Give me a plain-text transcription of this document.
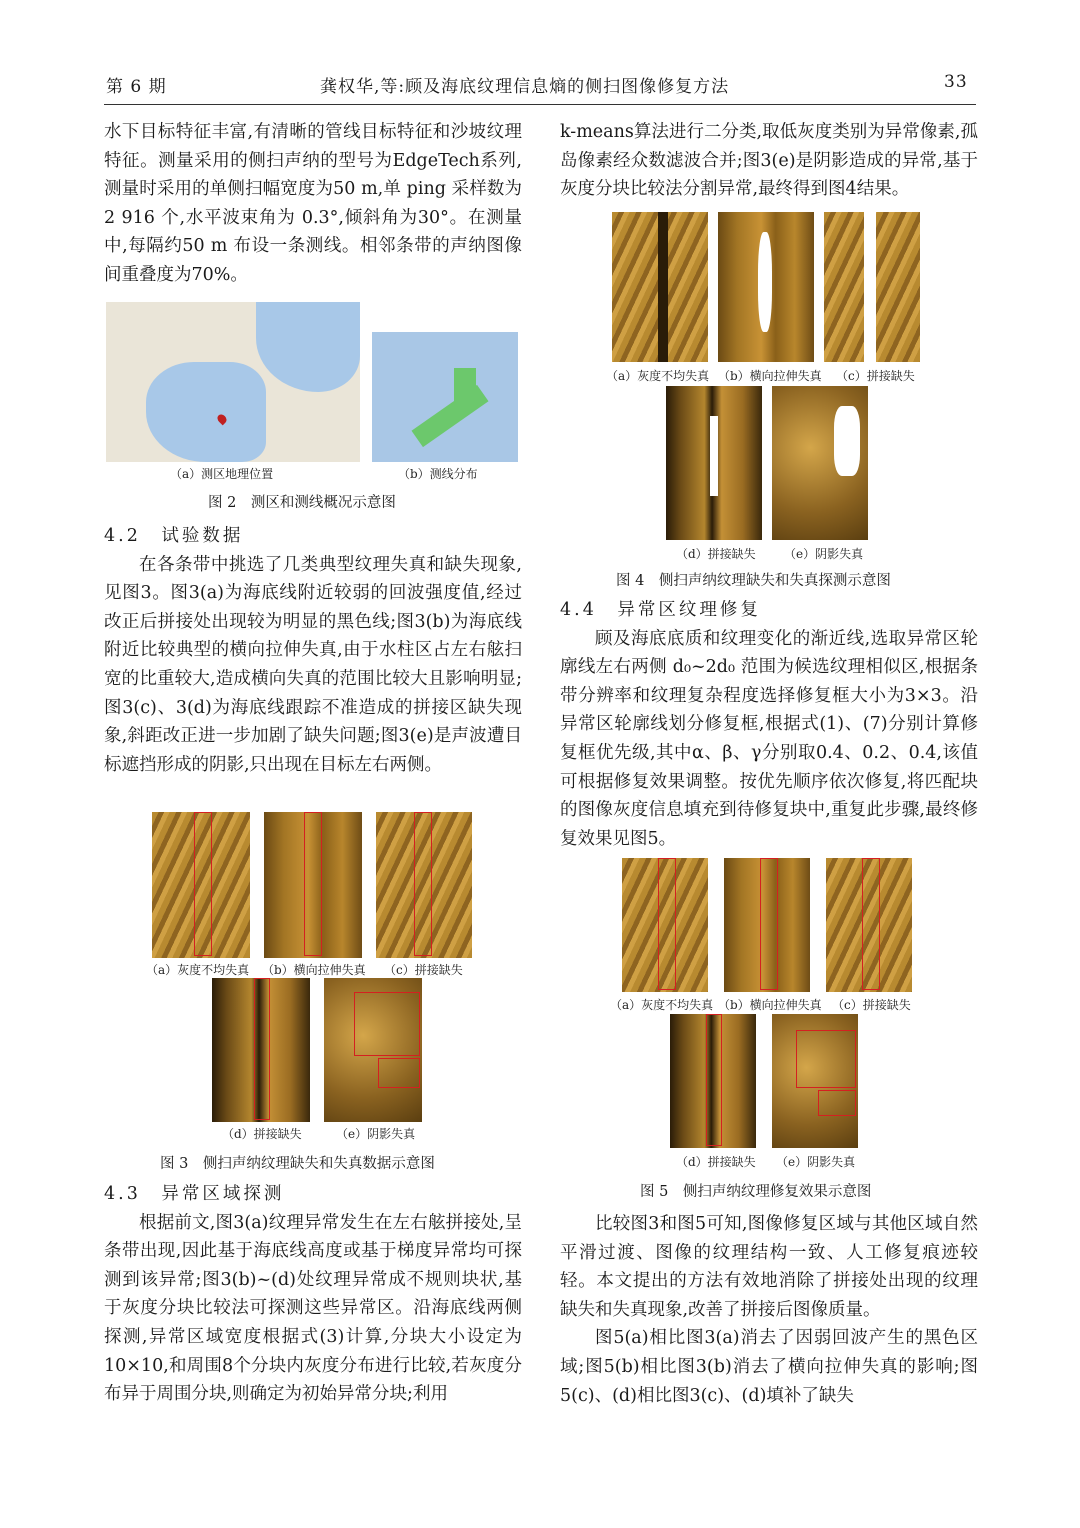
第 6 期	龚权华,等:顾及海底纹理信息熵的侧扫图像修复方法	33

水下目标特征丰富,有清晰的管线目标特征和沙坡纹理特征。测量采用的侧扫声纳的型号为EdgeTech系列,测量时采用的单侧扫幅宽度为50 m,单 ping 采样数为 2 916 个,水平波束角为 0.3°,倾斜角为30°。在测量中,每隔约50 m 布设一条测线。相邻条带的声纳图像间重叠度为70%。

（a）测区地理位置	（b）测线分布
图 2　测区和测线概况示意图

4.2　试验数据

在各条带中挑选了几类典型纹理失真和缺失现象,见图3。图3(a)为海底线附近较弱的回波强度值,经过改正后拼接处出现较为明显的黑色线;图3(b)为海底线附近比较典型的横向拉伸失真,由于水柱区占左右舷扫宽的比重较大,造成横向失真的范围比较大且影响明显;图3(c)、3(d)为海底线跟踪不准造成的拼接区缺失现象,斜距改正进一步加剧了缺失问题;图3(e)是声波遭目标遮挡形成的阴影,只出现在目标左右两侧。

（a）灰度不均失真 （b）横向拉伸失真 （c）拼接缺失
（d）拼接缺失	（e）阴影失真
图 3　侧扫声纳纹理缺失和失真数据示意图

4.3　异常区域探测

根据前文,图3(a)纹理异常发生在左右舷拼接处,呈条带出现,因此基于海底线高度或基于梯度异常均可探测到该异常;图3(b)~(d)处纹理异常成不规则块状,基于灰度分块比较法可探测这些异常区。沿海底线两侧探测,异常区域宽度根据式(3)计算,分块大小设定为10×10,和周围8个分块内灰度分布进行比较,若灰度分布异于周围分块,则确定为初始异常分块;利用

k-means算法进行二分类,取低灰度类别为异常像素,孤岛像素经众数滤波合并;图3(e)是阴影造成的异常,基于灰度分块比较法分割异常,最终得到图4结果。

（a）灰度不均失真 （b）横向拉伸失真 （c）拼接缺失
（d）拼接缺失 （e）阴影失真
图 4　侧扫声纳纹理缺失和失真探测示意图

4.4　异常区纹理修复

顾及海底底质和纹理变化的渐近线,选取异常区轮廓线左右两侧 d₀~2d₀ 范围为候选纹理相似区,根据条带分辨率和纹理复杂程度选择修复框大小为3×3。沿异常区轮廓线划分修复框,根据式(1)、(7)分别计算修复框优先级,其中α、β、γ分别取0.4、0.2、0.4,该值可根据修复效果调整。按优先顺序依次修复,将匹配块的图像灰度信息填充到待修复块中,重复此步骤,最终修复效果见图5。

（a）灰度不均失真 （b）横向拉伸失真 （c）拼接缺失
（d）拼接缺失 （e）阴影失真
图 5　侧扫声纳纹理修复效果示意图

比较图3和图5可知,图像修复区域与其他区域自然平滑过渡、图像的纹理结构一致、人工修复痕迹较轻。本文提出的方法有效地消除了拼接处出现的纹理缺失和失真现象,改善了拼接后图像质量。

图5(a)相比图3(a)消去了因弱回波产生的黑色区域;图5(b)相比图3(b)消去了横向拉伸失真的影响;图5(c)、(d)相比图3(c)、(d)填补了缺失
